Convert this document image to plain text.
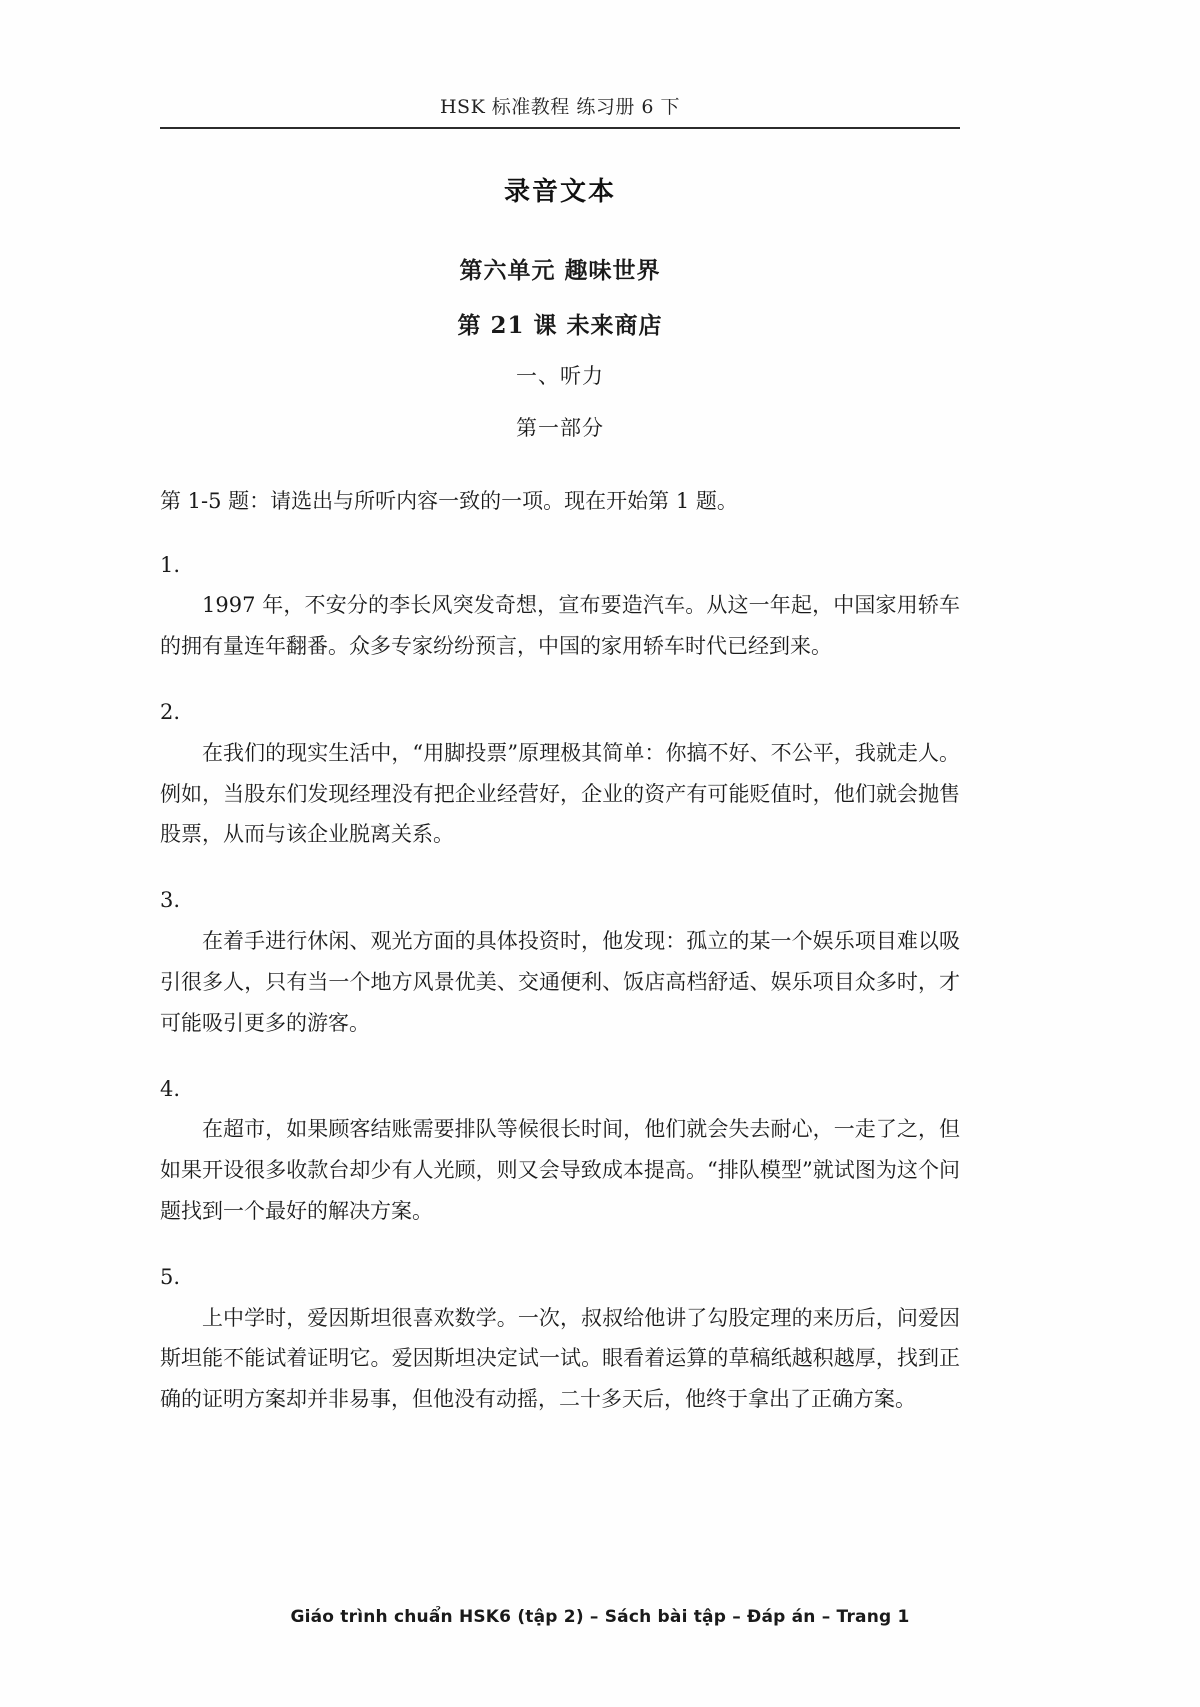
HSK 标准教程 练习册 6 下
录音文本
第六单元 趣味世界
第 21 课 未来商店
一、听力
第一部分
第 1-5 题：请选出与所听内容一致的一项。现在开始第 1 题。
1.
1997 年，不安分的李长风突发奇想，宣布要造汽车。从这一年起，中国家用轿车的拥有量连年翻番。众多专家纷纷预言，中国的家用轿车时代已经到来。
2.
在我们的现实生活中，“用脚投票”原理极其简单：你搞不好、不公平，我就走人。例如，当股东们发现经理没有把企业经营好，企业的资产有可能贬值时，他们就会抛售股票，从而与该企业脱离关系。
3.
在着手进行休闲、观光方面的具体投资时，他发现：孤立的某一个娱乐项目难以吸引很多人，只有当一个地方风景优美、交通便利、饭店高档舒适、娱乐项目众多时，才可能吸引更多的游客。
4.
在超市，如果顾客结账需要排队等候很长时间，他们就会失去耐心，一走了之，但如果开设很多收款台却少有人光顾，则又会导致成本提高。“排队模型”就试图为这个问题找到一个最好的解决方案。
5.
上中学时，爱因斯坦很喜欢数学。一次，叔叔给他讲了勾股定理的来历后，问爱因斯坦能不能试着证明它。爱因斯坦决定试一试。眼看着运算的草稿纸越积越厚，找到正确的证明方案却并非易事，但他没有动摇，二十多天后，他终于拿出了正确方案。
Giáo trình chuẩn HSK6 (tập 2) – Sách bài tập – Đáp án – Trang 1
